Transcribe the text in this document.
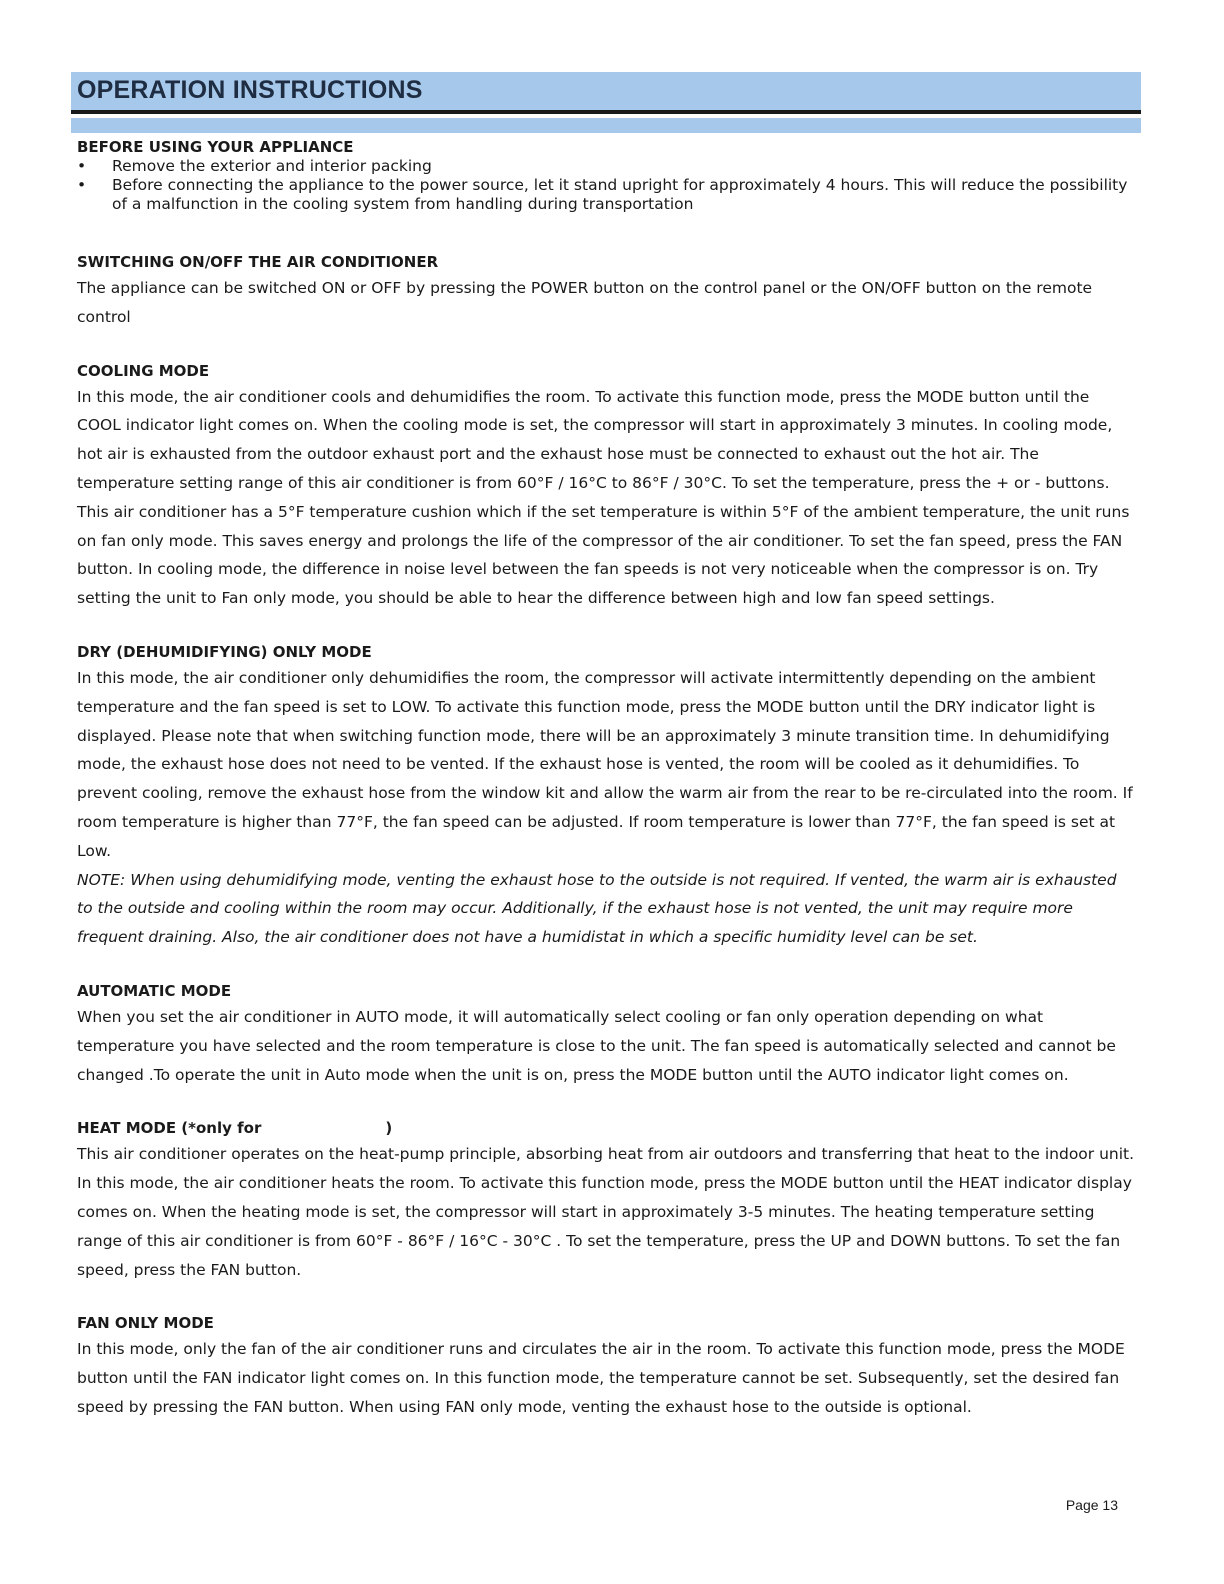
OPERATION INSTRUCTIONS
BEFORE USING YOUR APPLIANCE
• Remove the exterior and interior packing
• Before connecting the appliance to the power source, let it stand upright for approximately 4 hours. This will reduce the possibility of a malfunction in the cooling system from handling during transportation
SWITCHING ON/OFF THE AIR CONDITIONER

The appliance can be switched ON or OFF by pressing the POWER button on the control panel or the ON/OFF button on the remote control

COOLING MODE

In this mode, the air conditioner cools and dehumidifies the room. To activate this function mode, press the MODE button until the COOL indicator light comes on. When the cooling mode is set, the compressor will start in approximately 3 minutes. In cooling mode, hot air is exhausted from the outdoor exhaust port and the exhaust hose must be connected to exhaust out the hot air. The temperature setting range of this air conditioner is from 60°F / 16°C to 86°F / 30°C. To set the temperature, press the + or - buttons. This air conditioner has a 5°F temperature cushion which if the set temperature is within 5°F of the ambient temperature, the unit runs on fan only mode. This saves energy and prolongs the life of the compressor of the air conditioner. To set the fan speed, press the FAN button. In cooling mode, the difference in noise level between the fan speeds is not very noticeable when the compressor is on. Try setting the unit to Fan only mode, you should be able to hear the difference between high and low fan speed settings.

DRY (DEHUMIDIFYING) ONLY MODE

In this mode, the air conditioner only dehumidifies the room, the compressor will activate intermittently depending on the ambient temperature and the fan speed is set to LOW. To activate this function mode, press the MODE button until the DRY indicator light is displayed. Please note that when switching function mode, there will be an approximately 3 minute transition time. In dehumidifying mode, the exhaust hose does not need to be vented. If the exhaust hose is vented, the room will be cooled as it dehumidifies. To prevent cooling, remove the exhaust hose from the window kit and allow the warm air from the rear to be re-circulated into the room. If room temperature is higher than 77°F, the fan speed can be adjusted. If room temperature is lower than 77°F, the fan speed is set at Low.

NOTE: When using dehumidifying mode, venting the exhaust hose to the outside is not required. If vented, the warm air is exhausted to the outside and cooling within the room may occur. Additionally, if the exhaust hose is not vented, the unit may require more frequent draining. Also, the air conditioner does not have a humidistat in which a specific humidity level can be set.

AUTOMATIC MODE

When you set the air conditioner in AUTO mode, it will automatically select cooling or fan only operation depending on what temperature you have selected and the room temperature is close to the unit. The fan speed is automatically selected and cannot be changed .To operate the unit in Auto mode when the unit is on, press the MODE button until the AUTO indicator light comes on.

HEAT MODE (*only for	)

This air conditioner operates on the heat-pump principle, absorbing heat from air outdoors and transferring that heat to the indoor unit. In this mode, the air conditioner heats the room. To activate this function mode, press the MODE button until the HEAT indicator display comes on. When the heating mode is set, the compressor will start in approximately 3-5 minutes. The heating temperature setting range of this air conditioner is from 60°F - 86°F / 16°C - 30°C . To set the temperature, press the UP and DOWN buttons. To set the fan speed, press the FAN button.

FAN ONLY MODE

In this mode, only the fan of the air conditioner runs and circulates the air in the room. To activate this function mode, press the MODE button until the FAN indicator light comes on. In this function mode, the temperature cannot be set. Subsequently, set the desired fan speed by pressing the FAN button. When using FAN only mode, venting the exhaust hose to the outside is optional.

Page 13
